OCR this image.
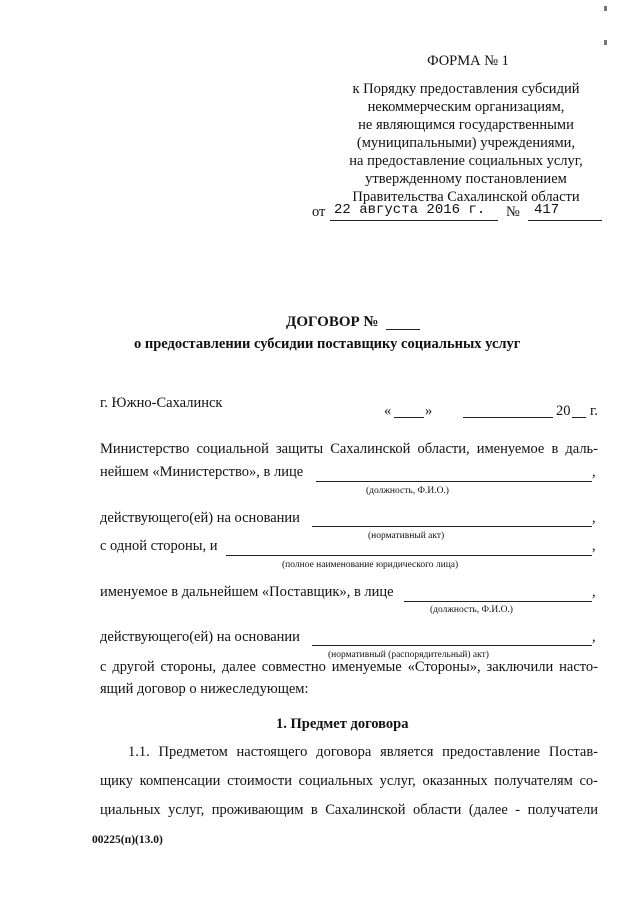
ФОРМА № 1
к Порядку предоставления субсидий
некоммерческим организациям,
не являющимся государственными
(муниципальными) учреждениями,
на предоставление социальных услуг,
утвержденному постановлением
Правительства Сахалинской области
от 22 августа 2016 г. № 417
ДОГОВОР №
о предоставлении субсидии поставщику социальных услуг
г. Южно-Сахалинск	« »	20 г.
Министерство социальной защиты Сахалинской области, именуемое в даль-
нейшем «Министерство», в лице	,
(должность, Ф.И.О.)
действующего(ей) на основании	,
(нормативный акт)
с одной стороны, и	,
(полное наименование юридического лица)
именуемое в дальнейшем «Поставщик», в лице	,
(должность, Ф.И.О.)
действующего(ей) на основании	,
(нормативный (распорядительный) акт)
с другой стороны, далее совместно именуемые «Стороны», заключили насто-
ящий договор о нижеследующем:
1. Предмет договора
1.1. Предметом настоящего договора является предоставление Постав-
щику компенсации стоимости социальных услуг, оказанных получателям со-
циальных услуг, проживающим в Сахалинской области (далее - получатели
00225(п)(13.0)
